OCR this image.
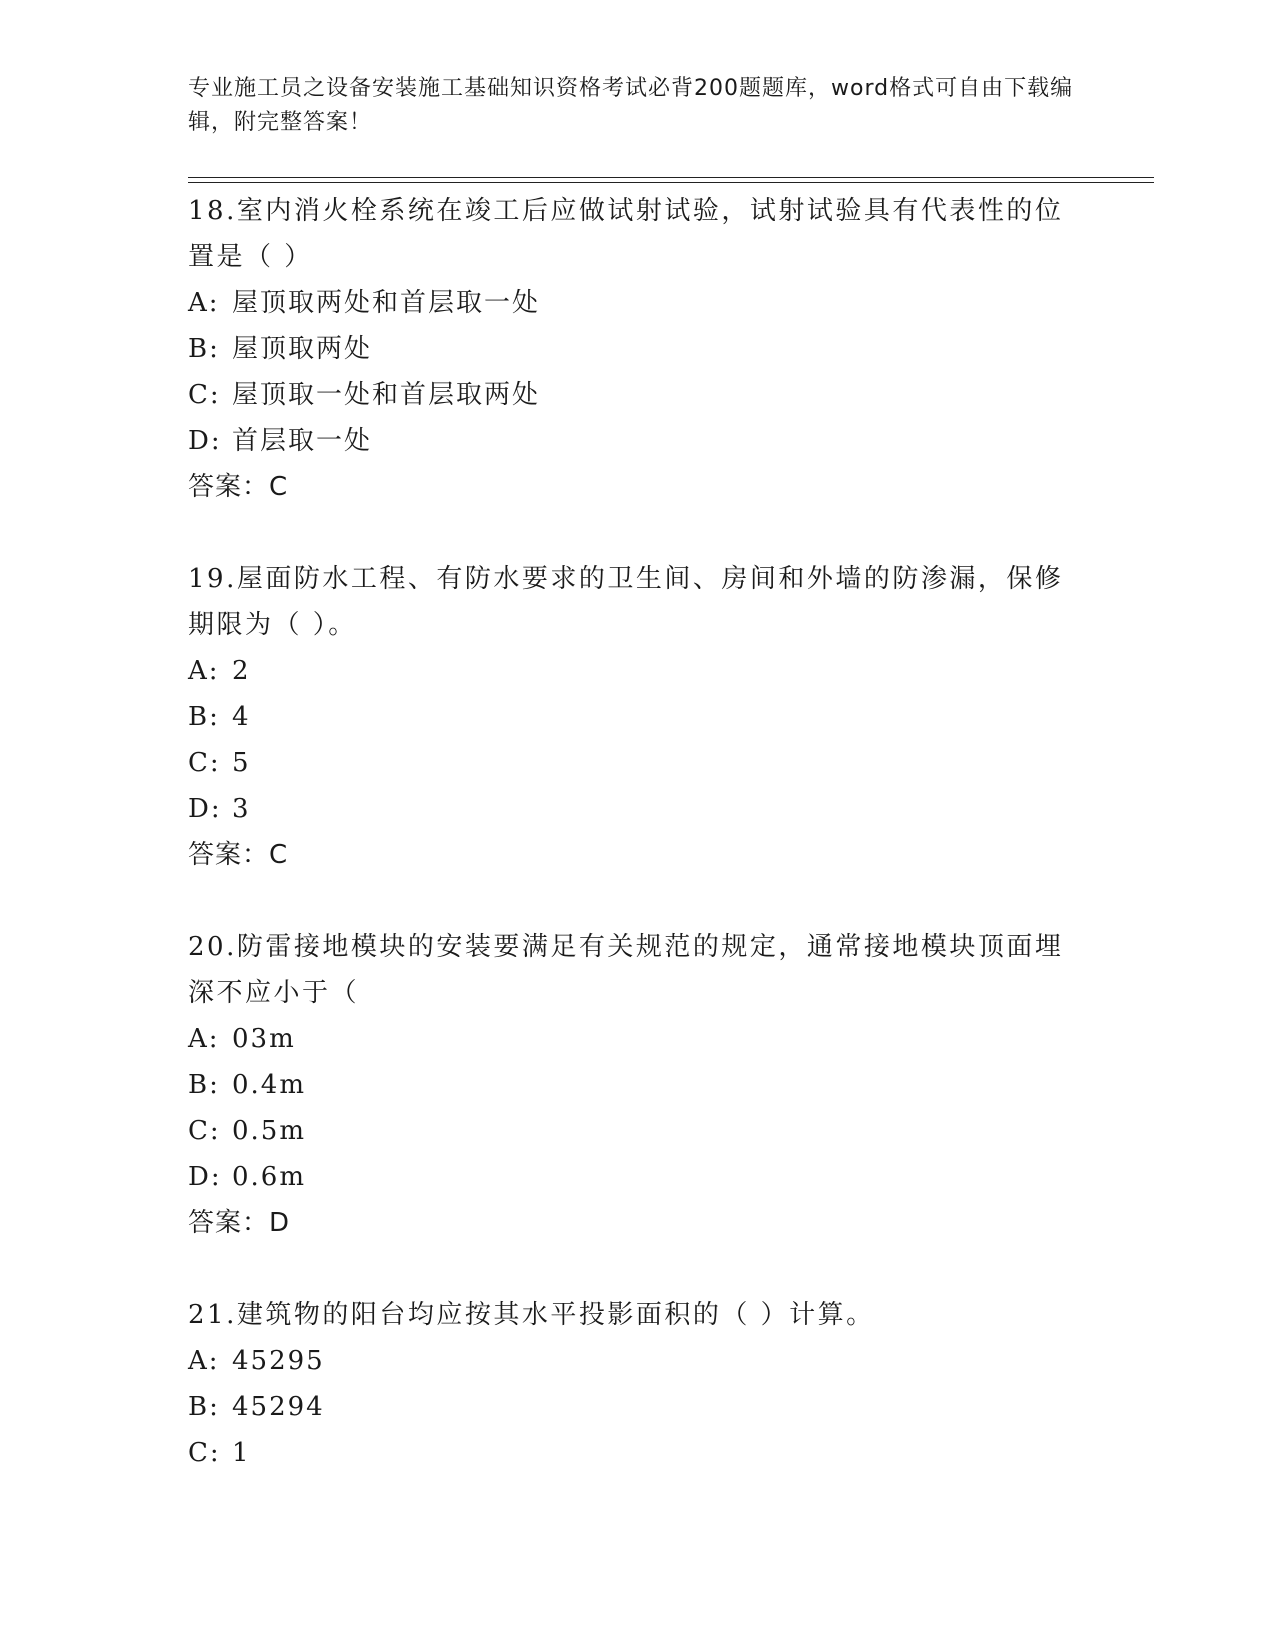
专业施工员之设备安装施工基础知识资格考试必背200题题库，word格式可自由下载编辑，附完整答案！
18.室内消火栓系统在竣工后应做试射试验，试射试验具有代表性的位置是（ ）
A: 屋顶取两处和首层取一处
B: 屋顶取两处
C: 屋顶取一处和首层取两处
D: 首层取一处
答案：C
19.屋面防水工程、有防水要求的卫生间、房间和外墙的防渗漏，保修期限为（ ）。
A: 2
B: 4
C: 5
D: 3
答案：C
20.防雷接地模块的安装要满足有关规范的规定，通常接地模块顶面埋深不应小于（
A: 03m
B: 0.4m
C: 0.5m
D: 0.6m
答案：D
21.建筑物的阳台均应按其水平投影面积的（ ）计算。
A: 45295
B: 45294
C: 1
